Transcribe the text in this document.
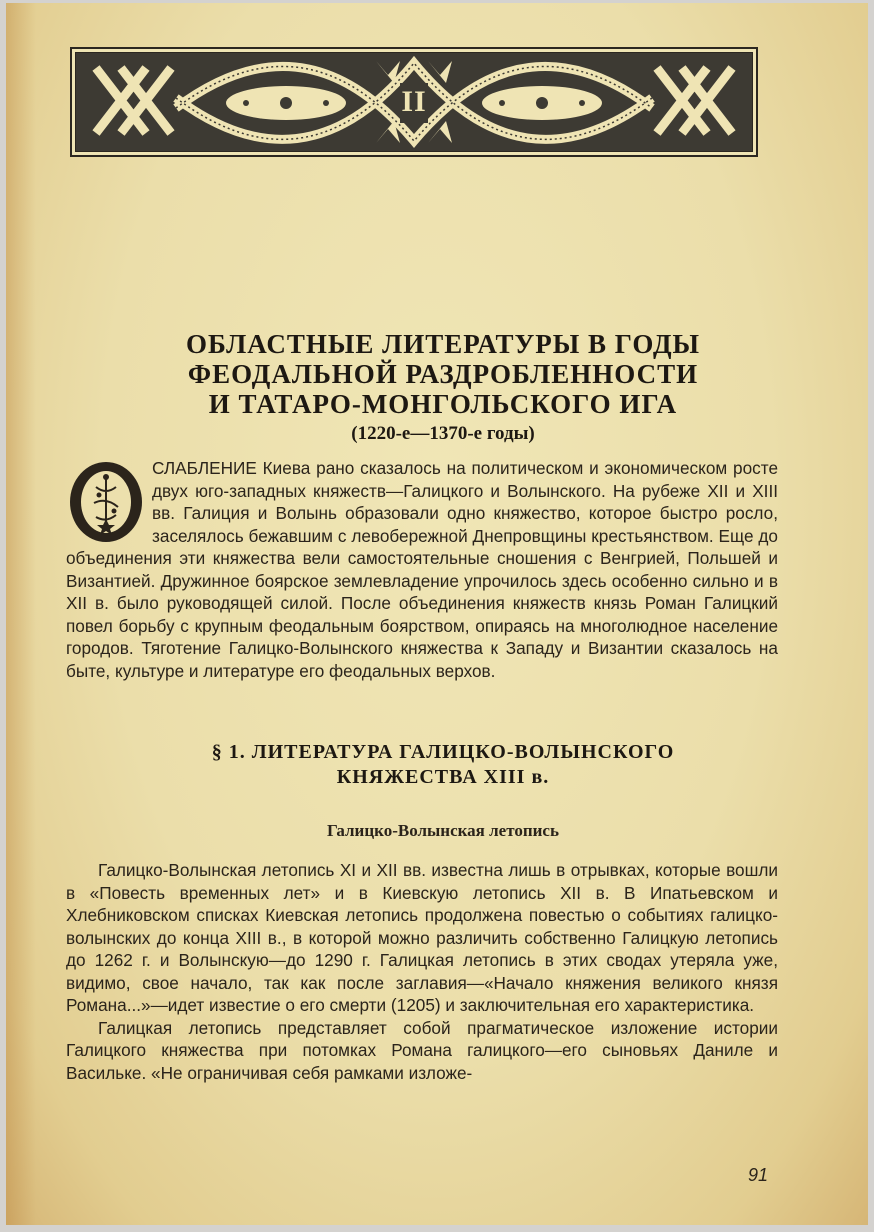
II
ОБЛАСТНЫЕ ЛИТЕРАТУРЫ В ГОДЫ
ФЕОДАЛЬНОЙ РАЗДРОБЛЕННОСТИ
И ТАТАРО-МОНГОЛЬСКОГО ИГА
(1220-е—1370-е годы)

СЛАБЛЕНИЕ Киева рано сказалось на политическом и экономическом росте двух юго-западных княжеств—Галицкого и Волынского. На рубеже XII и XIII вв. Галиция и Волынь образовали одно княжество, которое быстро росло, заселялось бежавшим с левобережной Днепровщины крестьянством. Еще до объединения эти княжества вели самостоятельные сношения с Венгрией, Польшей и Византией. Дружинное боярское землевладение упрочилось здесь особенно сильно и в XII в. было руководящей силой. После объединения княжеств князь Роман Галицкий повел борьбу с крупным феодальным боярством, опираясь на многолюдное население городов. Тяготение Галицко-Волынского княжества к Западу и Византии сказалось на быте, культуре и литературе его феодальных верхов.

§ 1. ЛИТЕРАТУРА ГАЛИЦКО-ВОЛЫНСКОГО
КНЯЖЕСТВА XIII в.
Галицко-Волынская летопись

Галицко-Волынская летопись XI и XII вв. известна лишь в отрывках, которые вошли в «Повесть временных лет» и в Киевскую летопись XII в. В Ипатьевском и Хлебниковском списках Киевская летопись продолжена повестью о событиях галицко-волынских до конца XIII в., в которой можно различить собственно Галицкую летопись до 1262 г. и Волынскую—до 1290 г. Галицкая летопись в этих сводах утеряла уже, видимо, свое начало, так как после заглавия—«Начало княжения великого князя Романа...»—идет известие о его смерти (1205) и заключительная его характеристика.

Галицкая летопись представляет собой прагматическое изложение истории Галицкого княжества при потомках Романа галицкого—его сыновьях Даниле и Васильке. «Не ограничивая себя рамками изложе-

91
